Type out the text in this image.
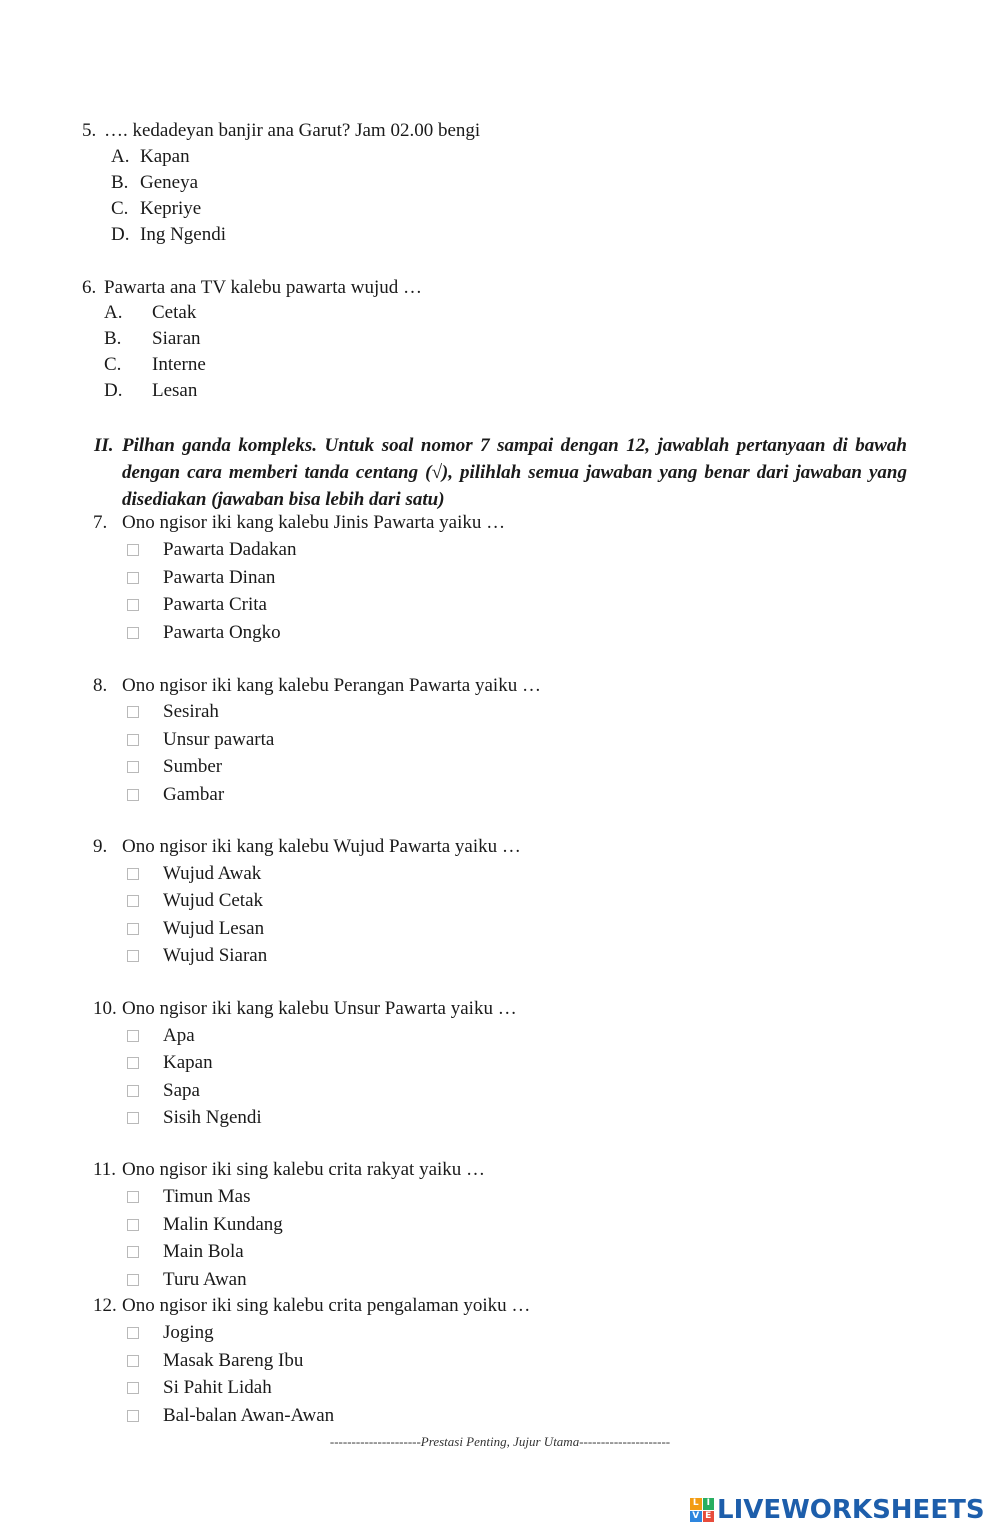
5. …. kedadeyan banjir ana Garut? Jam 02.00 bengi
A. Kapan
B. Geneya
C. Kepriye
D. Ing Ngendi
6. Pawarta ana TV kalebu pawarta wujud …
A. Cetak
B. Siaran
C. Interne
D. Lesan
II. Pilhan ganda kompleks. Untuk soal nomor 7 sampai dengan 12, jawablah pertanyaan di bawah dengan cara memberi tanda centang (√), pilihlah semua jawaban yang benar dari jawaban yang disediakan (jawaban bisa lebih dari satu)
7. Ono ngisor iki kang kalebu Jinis Pawarta yaiku …
Pawarta Dadakan
Pawarta Dinan
Pawarta Crita
Pawarta Ongko
8. Ono ngisor iki kang kalebu Perangan Pawarta yaiku …
Sesirah
Unsur pawarta
Sumber
Gambar
9. Ono ngisor iki kang kalebu Wujud Pawarta yaiku …
Wujud Awak
Wujud Cetak
Wujud Lesan
Wujud Siaran
10. Ono ngisor iki kang kalebu Unsur Pawarta yaiku …
Apa
Kapan
Sapa
Sisih Ngendi
11. Ono ngisor iki sing kalebu crita rakyat yaiku …
Timun Mas
Malin Kundang
Main Bola
Turu Awan
12. Ono ngisor iki sing kalebu crita pengalaman yoiku …
Joging
Masak Bareng Ibu
Si Pahit Lidah
Bal-balan Awan-Awan
---------------------Prestasi Penting, Jujur Utama---------------------
L I
V E LIVEWORKSHEETS
